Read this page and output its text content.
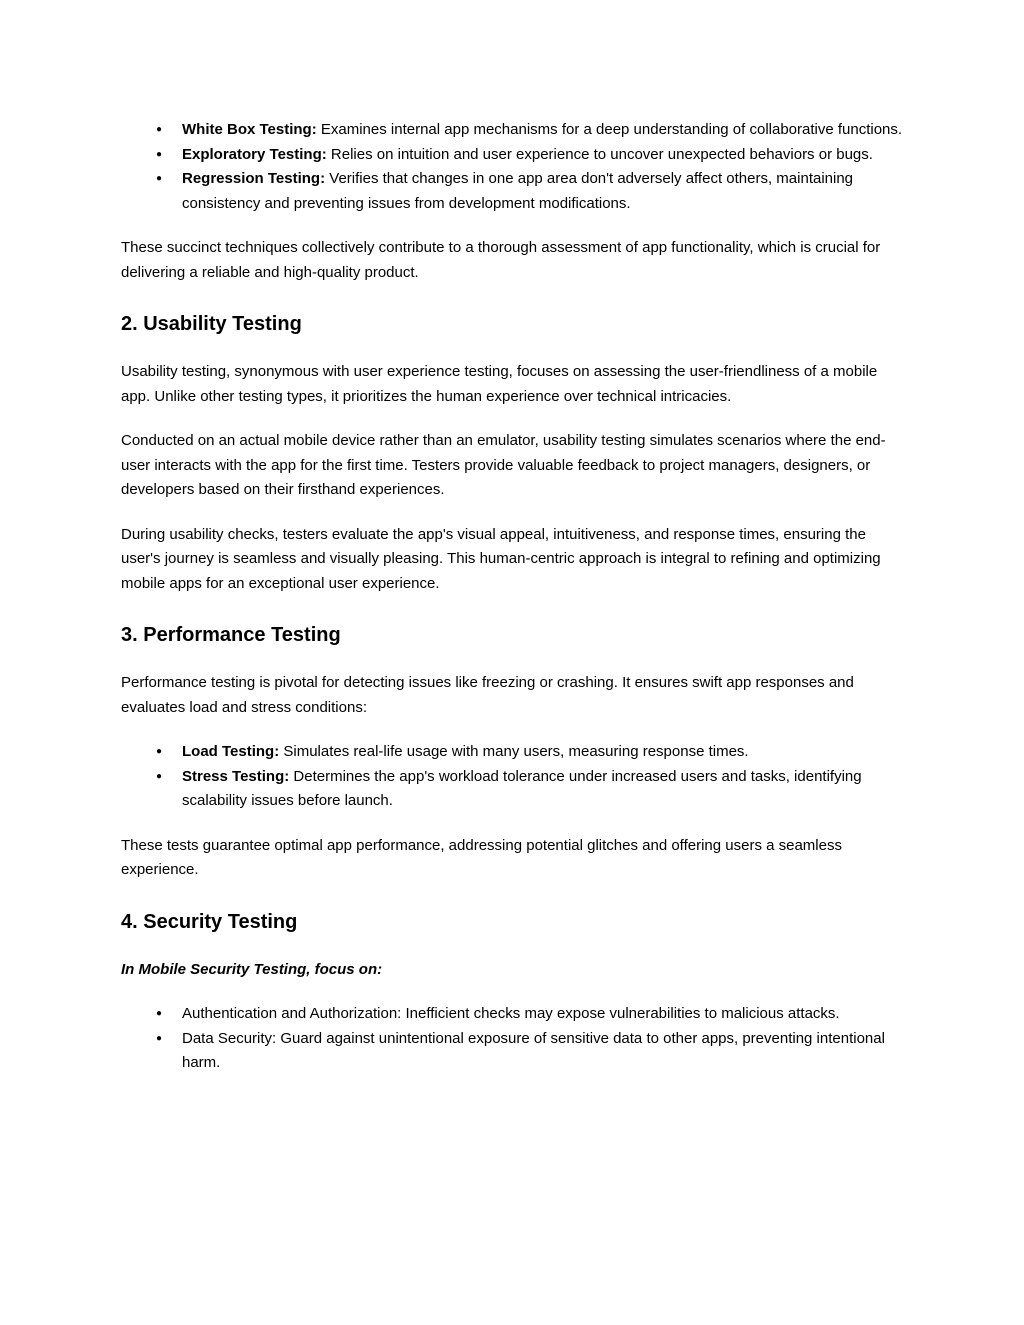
● White Box Testing: Examines internal app mechanisms for a deep understanding of collaborative functions.
● Exploratory Testing: Relies on intuition and user experience to uncover unexpected behaviors or bugs.
● Regression Testing: Verifies that changes in one app area don't adversely affect others, maintaining consistency and preventing issues from development modifications.

These succinct techniques collectively contribute to a thorough assessment of app functionality, which is crucial for delivering a reliable and high-quality product.

2. Usability Testing

Usability testing, synonymous with user experience testing, focuses on assessing the user-friendliness of a mobile app. Unlike other testing types, it prioritizes the human experience over technical intricacies.

Conducted on an actual mobile device rather than an emulator, usability testing simulates scenarios where the end-user interacts with the app for the first time. Testers provide valuable feedback to project managers, designers, or developers based on their firsthand experiences.

During usability checks, testers evaluate the app's visual appeal, intuitiveness, and response times, ensuring the user's journey is seamless and visually pleasing. This human-centric approach is integral to refining and optimizing mobile apps for an exceptional user experience.

3. Performance Testing

Performance testing is pivotal for detecting issues like freezing or crashing. It ensures swift app responses and evaluates load and stress conditions:

● Load Testing: Simulates real-life usage with many users, measuring response times.
● Stress Testing: Determines the app's workload tolerance under increased users and tasks, identifying scalability issues before launch.

These tests guarantee optimal app performance, addressing potential glitches and offering users a seamless experience.

4. Security Testing

In Mobile Security Testing, focus on:

● Authentication and Authorization: Inefficient checks may expose vulnerabilities to malicious attacks.
● Data Security: Guard against unintentional exposure of sensitive data to other apps, preventing intentional harm.
